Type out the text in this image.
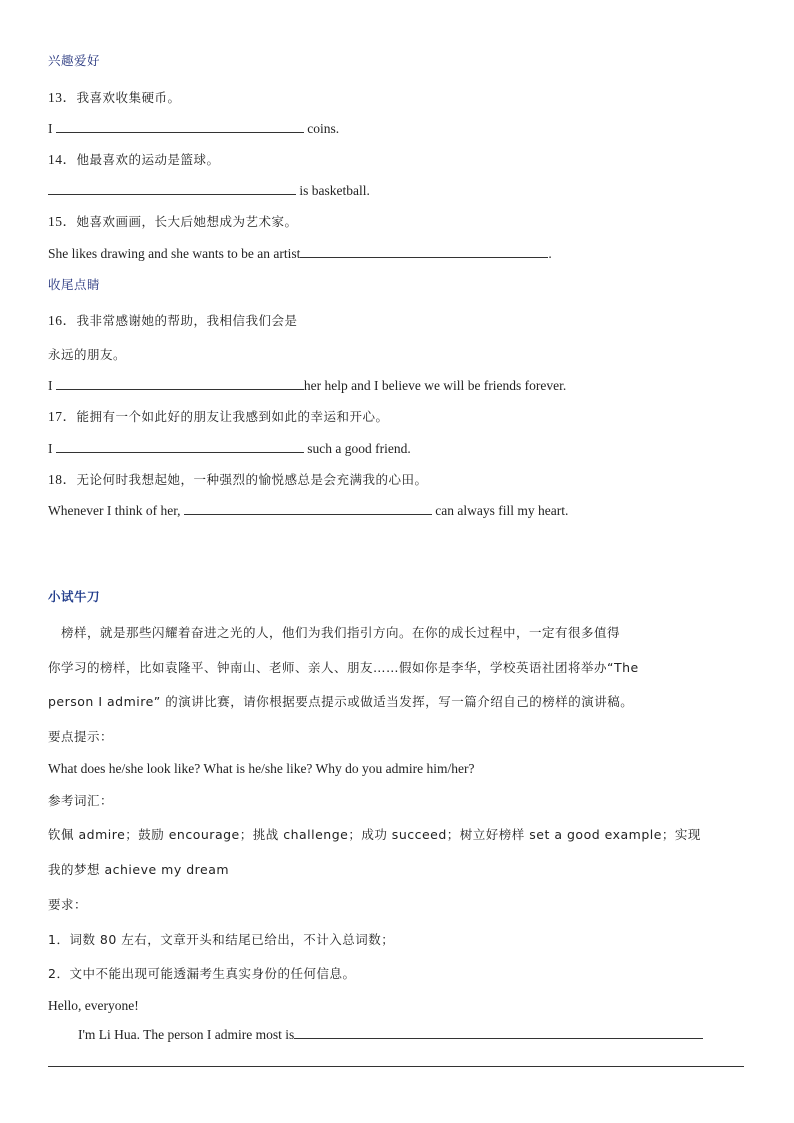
兴趣爱好
13．我喜欢收集硬币。
I	coins.
14．他最喜欢的运动是篮球。
is basketball.
15．她喜欢画画，长大后她想成为艺术家。
She likes drawing and she wants to be an artist	.
收尾点睛
16．我非常感谢她的帮助，我相信我们会是
永远的朋友。
I	her help and I believe we will be friends forever.
17．能拥有一个如此好的朋友让我感到如此的幸运和开心。
I	such a good friend.
18．无论何时我想起她，一种强烈的愉悦感总是会充满我的心田。
Whenever I think of her,	can always fill my heart.
小试牛刀
　榜样，就是那些闪耀着奋进之光的人，他们为我们指引方向。在你的成长过程中，一定有很多值得
你学习的榜样，比如袁隆平、钟南山、老师、亲人、朋友……假如你是李华，学校英语社团将举办“The
person I admire” 的演讲比赛，请你根据要点提示或做适当发挥，写一篇介绍自己的榜样的演讲稿。
要点提示：
What does he/she look like? What is he/she like? Why do you admire him/her?
参考词汇：
钦佩 admire；鼓励 encourage；挑战 challenge；成功 succeed；树立好榜样 set a good example；实现
我的梦想 achieve my dream
要求：
1．词数 80 左右，文章开头和结尾已给出，不计入总词数；
2．文中不能出现可能透漏考生真实身份的任何信息。
Hello, everyone!
I'm Li Hua. The person I admire most is
